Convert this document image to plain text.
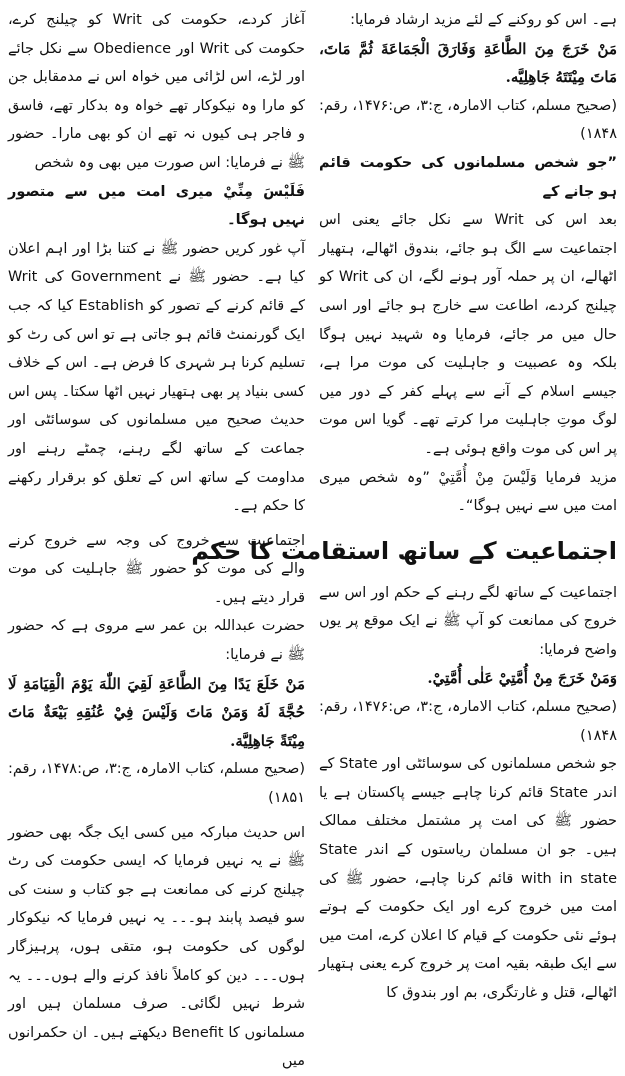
ہے۔ اس کو روکنے کے لئے مزید ارشاد فرمایا:

مَنْ خَرَجَ مِنَ الطَّاعَةِ وَفَارَقَ الْجَمَاعَةَ ثُمَّ مَاتَ، مَاتَ مِيْتَتَهُ جَاهِلِيَّه.

(صحیح مسلم، کتاب الامارہ، ج:۳، ص:۱۴۷۶، رقم: ۱۸۴۸)

”جو شخص مسلمانوں کی حکومت قائم ہو جانے کے

بعد اس کی Writ سے نکل جائے یعنی اس اجتماعیت سے الگ ہو جائے، بندوق اٹھالے، ہتھیار اٹھالے، ان پر حملہ آور ہونے لگے، ان کی Writ کو چیلنج کردے، اطاعت سے خارج ہو جائے اور اسی حال میں مر جائے، فرمایا وہ شہید نہیں ہوگا بلکہ وہ عصبیت و جاہلیت کی موت مرا ہے، جیسے اسلام کے آنے سے پہلے کفر کے دور میں لوگ موتِ جاہلیت مرا کرتے تھے۔ گویا اس موت پر اس کی موت واقع ہوئی ہے۔

مزید فرمایا وَلَيْسَ مِنْ أُمَّتِيْ ”وہ شخص میری امت میں سے نہیں ہوگا“۔

اجتماعیت کے ساتھ استقامت کا حکم

اجتماعیت کے ساتھ لگے رہنے کے حکم اور اس سے خروج کی ممانعت کو آپ ﷺ نے ایک موقع پر یوں واضح فرمایا:

وَمَنْ خَرَجَ مِنْ أُمَّتِيْ عَلٰى أُمَّتِيْ.

(صحیح مسلم، کتاب الامارہ، ج:۳، ص:۱۴۷۶، رقم: ۱۸۴۸)

جو شخص مسلمانوں کی سوسائٹی اور State کے اندر State قائم کرنا چاہے جیسے پاکستان ہے یا حضور ﷺ کی امت پر مشتمل مختلف ممالک ہیں۔ جو ان مسلمان ریاستوں کے اندر State with in state قائم کرنا چاہے، حضور ﷺ کی امت میں خروج کرے اور ایک حکومت کے ہوتے ہوئے نئی حکومت کے قیام کا اعلان کرے، امت میں سے ایک طبقہ بقیہ امت پر خروج کرے یعنی ہتھیار اٹھالے، قتل و غارتگری، بم اور بندوق کا

آغاز کردے، حکومت کی Writ کو چیلنج کرے، حکومت کی Writ اور Obedience سے نکل جائے اور لڑے، اس لڑائی میں خواہ اس نے مدمقابل جن کو مارا وہ نیکوکار تھے خواہ وہ بدکار تھے، فاسق و فاجر ہی کیوں نہ تھے ان کو بھی مارا۔ حضور ﷺ نے فرمایا: اس صورت میں بھی وہ شخص

فَلَيْسَ مِنِّيْ میری امت میں سے متصور نہیں ہوگا۔

آپ غور کریں حضور ﷺ نے کتنا بڑا اور اہم اعلان کیا ہے۔ حضور ﷺ نے Government کی Writ کے قائم کرنے کے تصور کو Establish کیا کہ جب ایک گورنمنٹ قائم ہو جاتی ہے تو اس کی رٹ کو تسلیم کرنا ہر شہری کا فرض ہے۔ اس کے خلاف کسی بنیاد پر بھی ہتھیار نہیں اٹھا سکتا۔ پس اس حدیث صحیح میں مسلمانوں کی سوسائٹی اور جماعت کے ساتھ لگے رہنے، چمٹے رہنے اور مداومت کے ساتھ اس کے تعلق کو برقرار رکھنے کا حکم ہے۔

اجتماعیت سے خروج کی وجہ سے خروج کرنے والے کی موت کو حضور ﷺ جاہلیت کی موت قرار دیتے ہیں۔

حضرت عبداللہ بن عمر سے مروی ہے کہ حضور ﷺ نے فرمایا:

مَنْ خَلَعَ يَدًا مِنَ الطَّاعَةِ لَقِيَ اللّٰهَ يَوْمَ الْقِيَامَةِ لَا حُجَّةَ لَهُ وَمَنْ مَاتَ وَلَيْسَ فِيْ عُنُقِهِ بَيْعَةٌ مَاتَ مِيْتَةً جَاهِلِيَّة.

(صحیح مسلم، کتاب الامارہ، ج:۳، ص:۱۴۷۸، رقم: ۱۸۵۱)

اس حدیث مبارکہ میں کسی ایک جگہ بھی حضور ﷺ نے یہ نہیں فرمایا کہ ایسی حکومت کی رٹ چیلنج کرنے کی ممانعت ہے جو کتاب و سنت کی سو فیصد پابند ہو۔۔۔ یہ نہیں فرمایا کہ نیکوکار لوگوں کی حکومت ہو، متقی ہوں، پرہیزگار ہوں۔۔۔ دین کو کاملاً نافذ کرنے والے ہوں۔۔۔ یہ شرط نہیں لگائی۔ صرف مسلمان ہیں اور مسلمانوں کا Benefit دیکھتے ہیں۔ ان حکمرانوں میں
